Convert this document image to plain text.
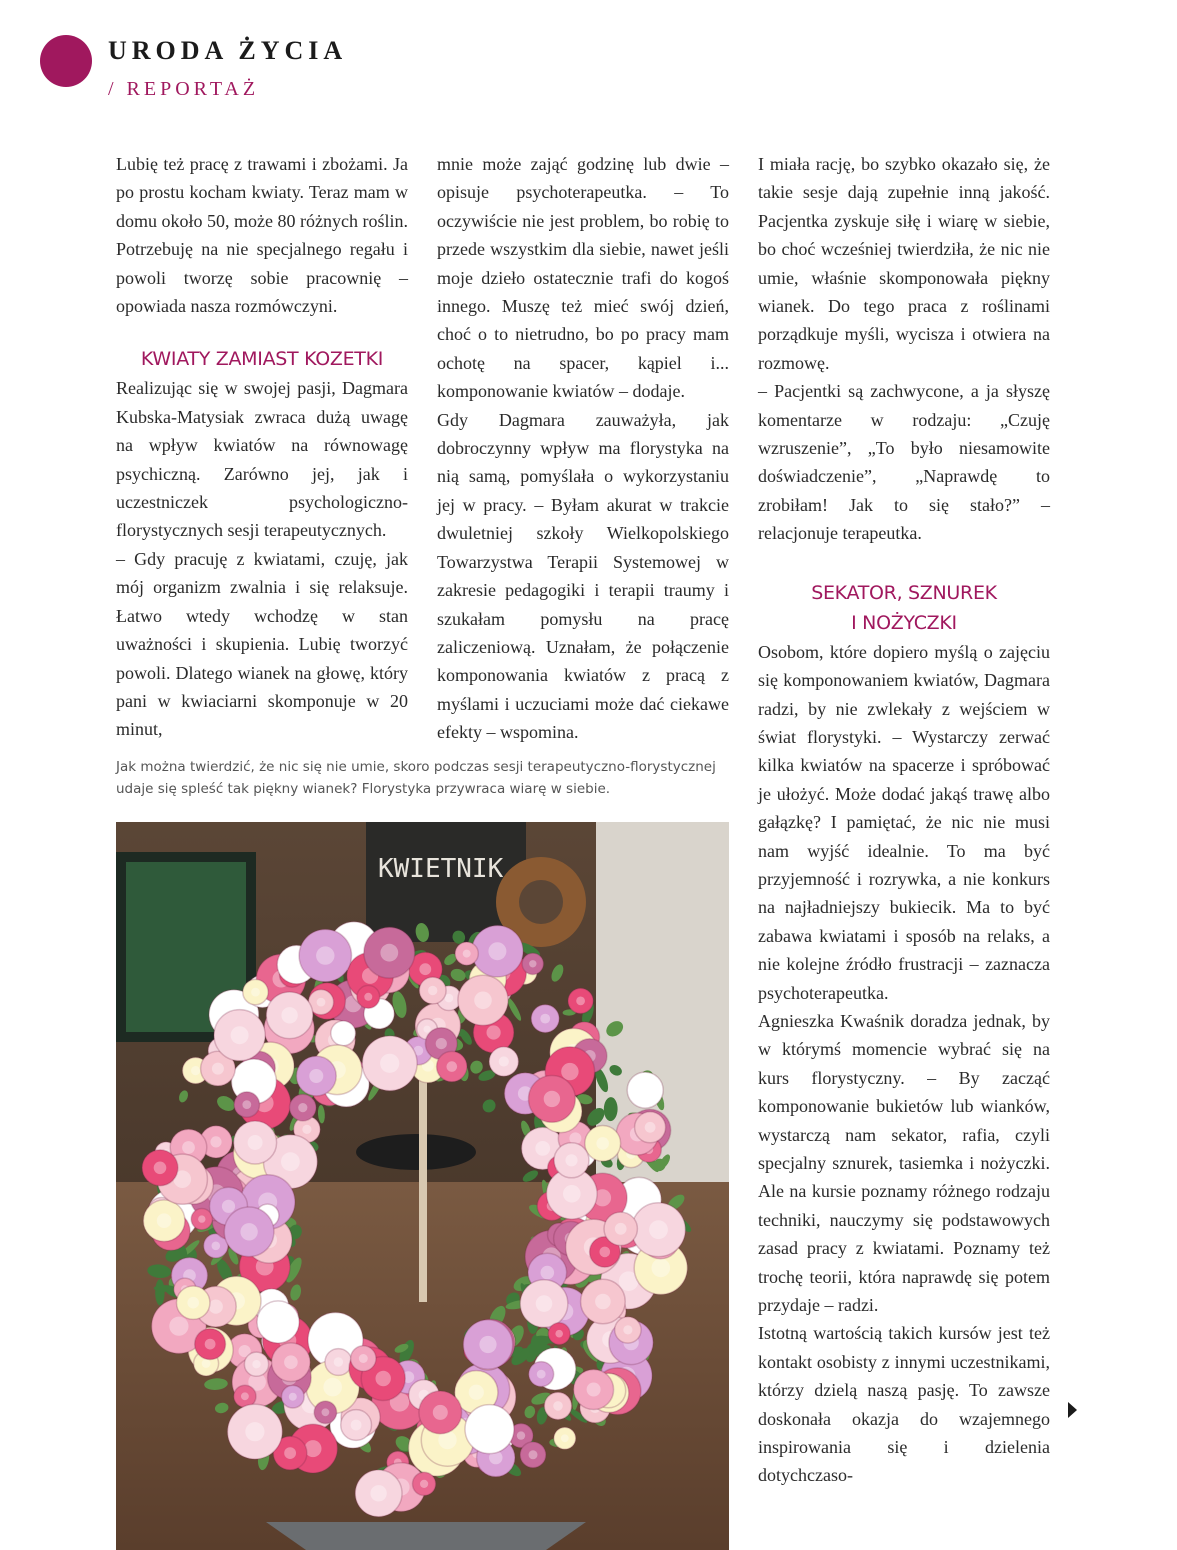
URODA ŻYCIA
/ REPORTAŻ

Lubię też pracę z trawami i zbożami. Ja po prostu kocham kwiaty. Teraz mam w domu około 50, może 80 różnych roślin. Potrzebuję na nie specjalnego regału i powoli tworzę sobie pracownię – opowiada nasza rozmówczyni.

KWIATY ZAMIAST KOZETKI

Realizując się w swojej pasji, Dagmara Kubska-Matysiak zwraca dużą uwagę na wpływ kwiatów na równowagę psychiczną. Zarówno jej, jak i uczestniczek psychologiczno-florystycznych sesji terapeutycznych.

– Gdy pracuję z kwiatami, czuję, jak mój organizm zwalnia i się relaksuje. Łatwo wtedy wchodzę w stan uważności i skupienia. Lubię tworzyć powoli. Dlatego wianek na głowę, który pani w kwiaciarni skomponuje w 20 minut,

mnie może zająć godzinę lub dwie – opisuje psychoterapeutka. – To oczywiście nie jest problem, bo robię to przede wszystkim dla siebie, nawet jeśli moje dzieło ostatecznie trafi do kogoś innego. Muszę też mieć swój dzień, choć o to nietrudno, bo po pracy mam ochotę na spacer, kąpiel i... komponowanie kwiatów – dodaje.

Gdy Dagmara zauważyła, jak dobroczynny wpływ ma florystyka na nią samą, pomyślała o wykorzystaniu jej w pracy. – Byłam akurat w trakcie dwuletniej szkoły Wielkopolskiego Towarzystwa Terapii Systemowej w zakresie pedagogiki i terapii traumy i szukałam pomysłu na pracę zaliczeniową. Uznałam, że połączenie komponowania kwiatów z pracą z myślami i uczuciami może dać ciekawe efekty – wspomina.

I miała rację, bo szybko okazało się, że takie sesje dają zupełnie inną jakość. Pacjentka zyskuje siłę i wiarę w siebie, bo choć wcześniej twierdziła, że nic nie umie, właśnie skomponowała piękny wianek. Do tego praca z roślinami porządkuje myśli, wycisza i otwiera na rozmowę.

– Pacjentki są zachwycone, a ja słyszę komentarze w rodzaju: „Czuję wzruszenie”, „To było niesamowite doświadczenie”, „Naprawdę to zrobiłam! Jak to się stało?” – relacjonuje terapeutka.

SEKATOR, SZNUREK
I NOŻYCZKI

Osobom, które dopiero myślą o zajęciu się komponowaniem kwiatów, Dagmara radzi, by nie zwlekały z wejściem w świat florystyki. – Wystarczy zerwać kilka kwiatów na spacerze i spróbować je ułożyć. Może dodać jakąś trawę albo gałązkę? I pamiętać, że nic nie musi nam wyjść idealnie. To ma być przyjemność i rozrywka, a nie konkurs na najładniejszy bukiecik. Ma to być zabawa kwiatami i sposób na relaks, a nie kolejne źródło frustracji – zaznacza psychoterapeutka.

Agnieszka Kwaśnik doradza jednak, by w którymś momencie wybrać się na kurs florystyczny. – By zacząć komponowanie bukietów lub wianków, wystarczą nam sekator, rafia, czyli specjalny sznurek, tasiemka i nożyczki. Ale na kursie poznamy różnego rodzaju techniki, nauczymy się podstawowych zasad pracy z kwiatami. Poznamy też trochę teorii, która naprawdę się potem przydaje – radzi.

Istotną wartością takich kursów jest też kontakt osobisty z innymi uczestnikami, którzy dzielą naszą pasję. To zawsze doskonała okazja do wzajemnego inspirowania się i dzielenia dotychczaso-

Jak można twierdzić, że nic się nie umie, skoro podczas sesji terapeutyczno-florystycznej udaje się spleść tak piękny wianek? Florystyka przywraca wiarę w siebie.

KWIETNIK
